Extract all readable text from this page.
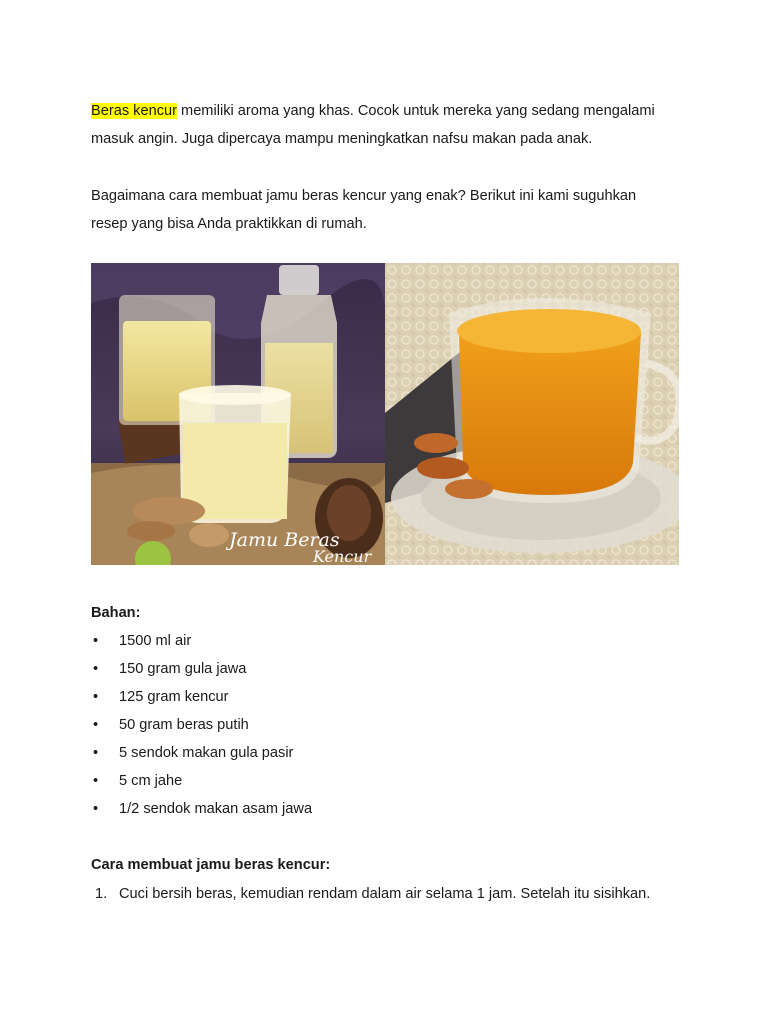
Beras kencur memiliki aroma yang khas. Cocok untuk mereka yang sedang mengalami
masuk angin. Juga dipercaya mampu meningkatkan nafsu makan pada anak.

Bagaimana cara membuat jamu beras kencur yang enak? Berikut ini kami suguhkan
resep yang bisa Anda praktikkan di rumah.

Jamu Beras
Kencur

Bahan:

• 1500 ml air
• 150 gram gula jawa
• 125 gram kencur
• 50 gram beras putih
• 5 sendok makan gula pasir
• 5 cm jahe
• 1/2 sendok makan asam jawa

Cara membuat jamu beras kencur:

1. Cuci bersih beras, kemudian rendam dalam air selama 1 jam. Setelah itu sisihkan.
